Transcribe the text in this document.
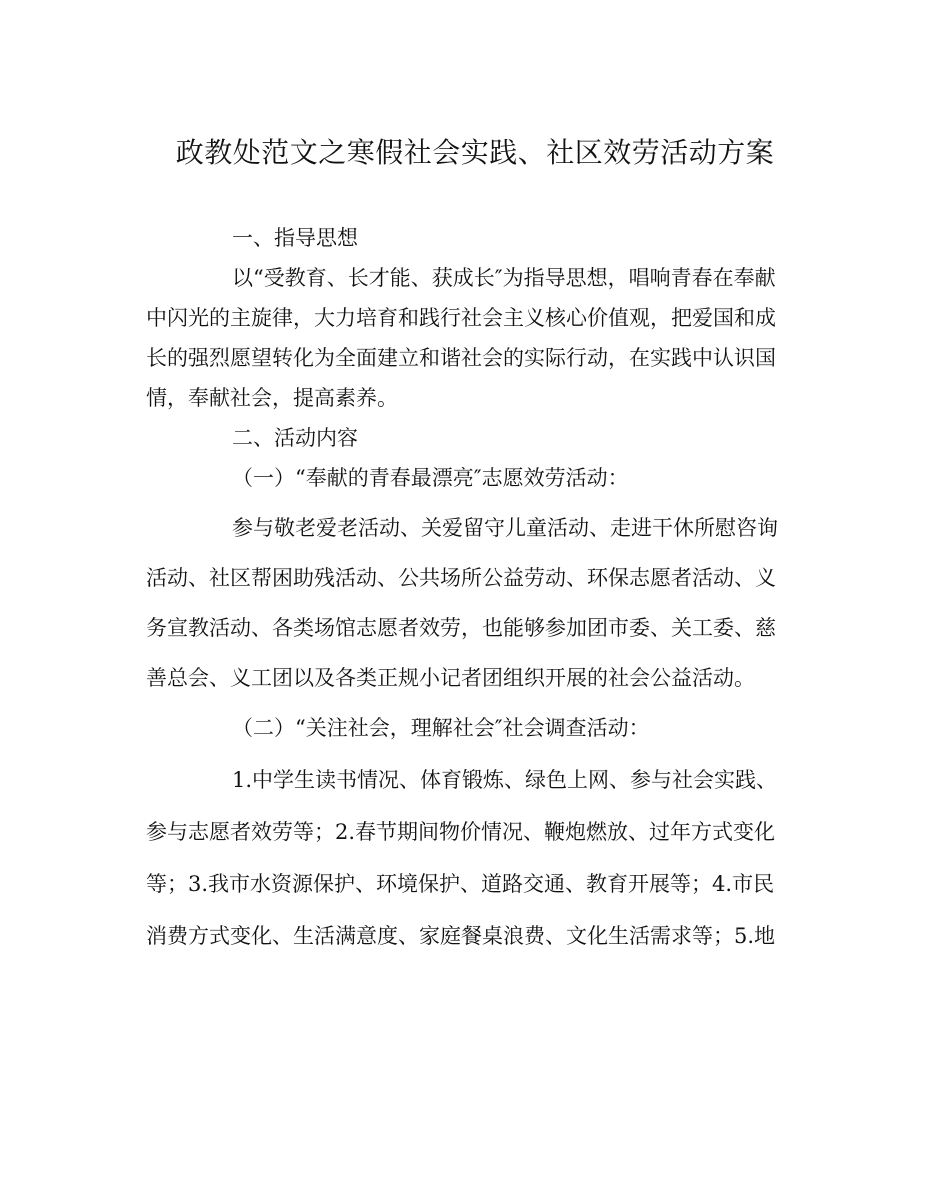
政教处范文之寒假社会实践、社区效劳活动方案

一、指导思想

以“受教育、长才能、获成长″为指导思想，唱响青春在奉献

中闪光的主旋律，大力培育和践行社会主义核心价值观，把爱国和成

长的强烈愿望转化为全面建立和谐社会的实际行动，在实践中认识国

情，奉献社会，提高素养。

二、活动内容

（一）“奉献的青春最漂亮″志愿效劳活动：

参与敬老爱老活动、关爱留守儿童活动、走进干休所慰咨询

活动、社区帮困助残活动、公共场所公益劳动、环保志愿者活动、义

务宣教活动、各类场馆志愿者效劳，也能够参加团市委、关工委、慈

善总会、义工团以及各类正规小记者团组织开展的社会公益活动。

（二）“关注社会，理解社会″社会调查活动：

1.中学生读书情况、体育锻炼、绿色上网、参与社会实践、

参与志愿者效劳等；2.春节期间物价情况、鞭炮燃放、过年方式变化

等；3.我市水资源保护、环境保护、道路交通、教育开展等；4.市民

消费方式变化、生活满意度、家庭餐桌浪费、文化生活需求等；5.地
